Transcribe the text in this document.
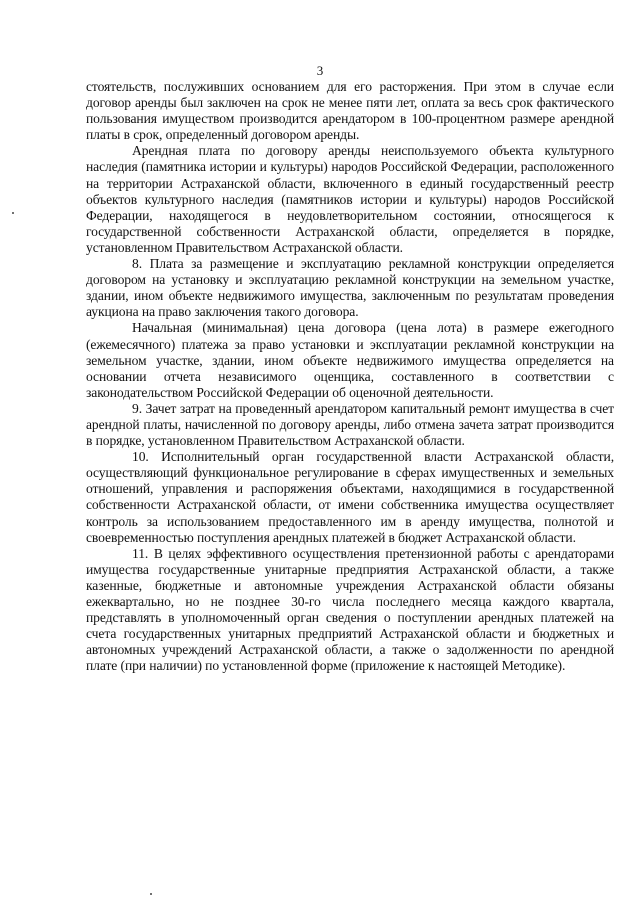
3

стоятельств, послуживших основанием для его расторжения. При этом в случае если договор аренды был заключен на срок не менее пяти лет, оплата за весь срок фактического пользования имуществом производится арендатором в 100-процентном размере арендной платы в срок, определенный договором аренды.

Арендная плата по договору аренды неиспользуемого объекта культурного наследия (памятника истории и культуры) народов Российской Федерации, расположенного на территории Астраханской области, включенного в единый государственный реестр объектов культурного наследия (памятников истории и культуры) народов Российской Федерации, находящегося в неудовлетворительном состоянии, относящегося к государственной собственности Астраханской области, определяется в порядке, установленном Правительством Астраханской области.

8. Плата за размещение и эксплуатацию рекламной конструкции определяется договором на установку и эксплуатацию рекламной конструкции на земельном участке, здании, ином объекте недвижимого имущества, заключенным по результатам проведения аукциона на право заключения такого договора.

Начальная (минимальная) цена договора (цена лота) в размере ежегодного (ежемесячного) платежа за право установки и эксплуатации рекламной конструкции на земельном участке, здании, ином объекте недвижимого имущества определяется на основании отчета независимого оценщика, составленного в соответствии с законодательством Российской Федерации об оценочной деятельности.

9. Зачет затрат на проведенный арендатором капитальный ремонт имущества в счет арендной платы, начисленной по договору аренды, либо отмена зачета затрат производится в порядке, установленном Правительством Астраханской области.

10. Исполнительный орган государственной власти Астраханской области, осуществляющий функциональное регулирование в сферах имущественных и земельных отношений, управления и распоряжения объектами, находящимися в государственной собственности Астраханской области, от имени собственника имущества осуществляет контроль за использованием предоставленного им в аренду имущества, полнотой и своевременностью поступления арендных платежей в бюджет Астраханской области.

11. В целях эффективного осуществления претензионной работы с арендаторами имущества государственные унитарные предприятия Астраханской области, а также казенные, бюджетные и автономные учреждения Астраханской области обязаны ежеквартально, но не позднее 30-го числа последнего месяца каждого квартала, представлять в уполномоченный орган сведения о поступлении арендных платежей на счета государственных унитарных предприятий Астраханской области и бюджетных и автономных учреждений Астраханской области, а также о задолженности по арендной плате (при наличии) по установленной форме (приложение к настоящей Методике).
